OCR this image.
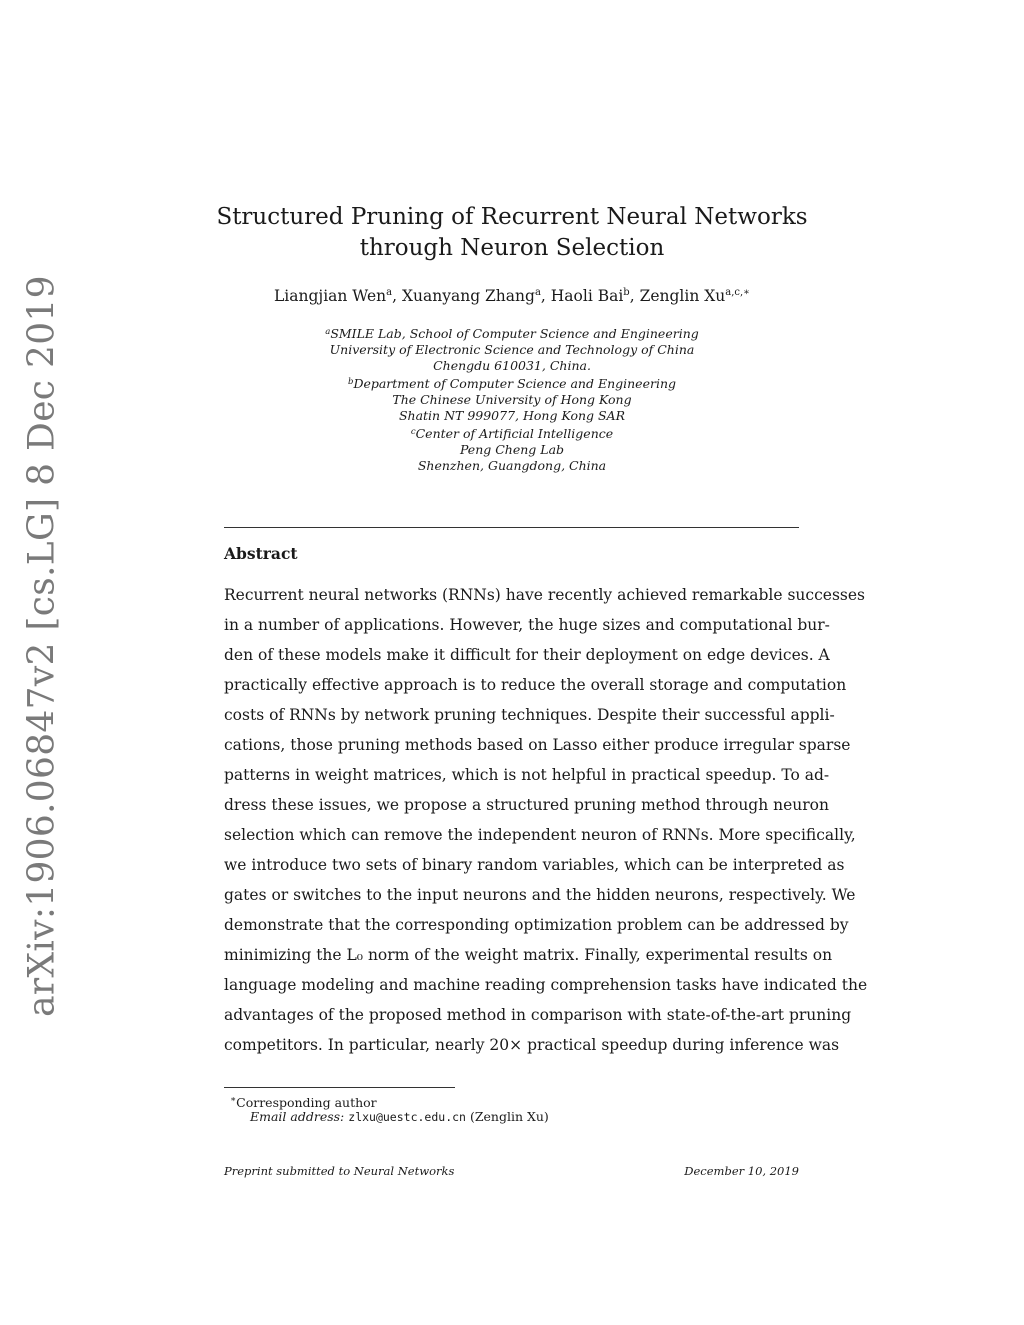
arXiv:1906.06847v2 [cs.LG] 8 Dec 2019
Structured Pruning of Recurrent Neural Networks
through Neuron Selection
Liangjian Wen$^a$, Xuanyang Zhang$^a$, Haoli Bai$^b$, Zenglin $Xu^{a,c,∗}$
$^a$SMILE Lab, School of Computer Science and Engineering
University of Electronic Science and Technology of China
Chengdu 610031, China.
$^b$Department of Computer Science and Engineering
The Chinese University of Hong Kong
Shatin NT 999077, Hong Kong SAR
$^c$Center of Artificial Intelligence
Peng Cheng Lab
Shenzhen, Guangdong, China
Abstract
Recurrent neural networks (RNNs) have recently achieved remarkable successes
in a number of applications. However, the huge sizes and computational bur-
den of these models make it difficult for their deployment on edge devices. A
practically effective approach is to reduce the overall storage and computation
costs of RNNs by network pruning techniques. Despite their successful appli-
cations, those pruning methods based on Lasso either produce irregular sparse
patterns in weight matrices, which is not helpful in practical speedup. To ad-
dress these issues, we propose a structured pruning method through neuron
selection which can remove the independent neuron of RNNs. More specifically,
we introduce two sets of binary random variables, which can be interpreted as
gates or switches to the input neurons and the hidden neurons, respectively. We
demonstrate that the corresponding optimization problem can be addressed by
minimizing the L₀ norm of the weight matrix. Finally, experimental results on
language modeling and machine reading comprehension tasks have indicated the
advantages of the proposed method in comparison with state-of-the-art pruning
competitors. In particular, nearly 20× practical speedup during inference was
∗Corresponding author
Email address: zlxu@uestc.edu.cn (Zenglin Xu)
Preprint submitted to Neural Networks	December 10, 2019
